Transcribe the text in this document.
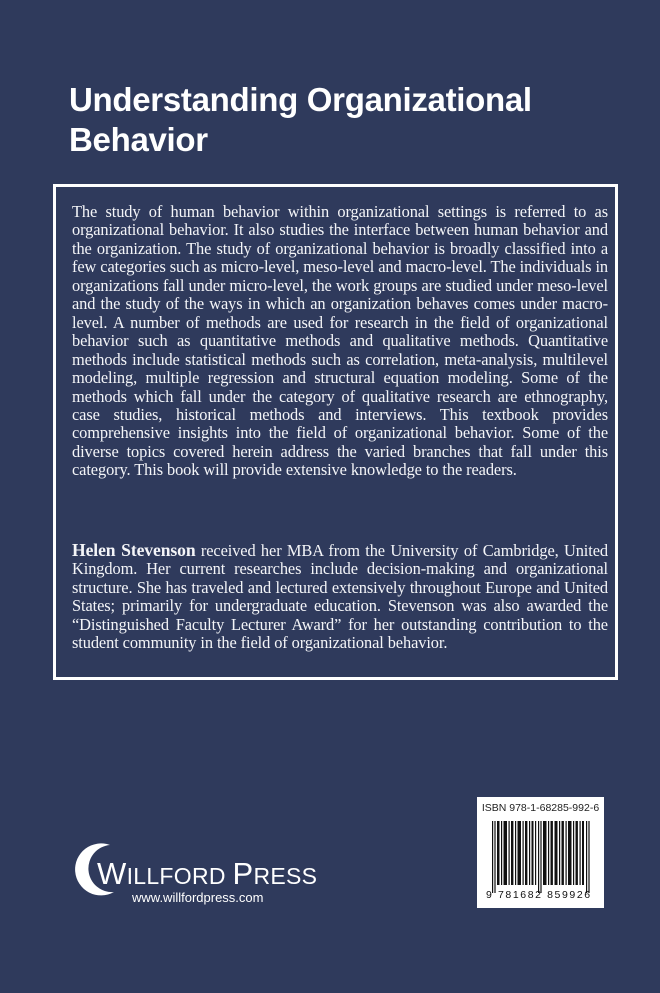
Understanding Organizational
Behavior

The study of human behavior within organizational settings is referred to as organizational behavior. It also studies the interface between human behavior and the organization. The study of organizational behavior is broadly classified into a few categories such as micro-level, meso-level and macro-level. The individuals in organizations fall under micro-level, the work groups are studied under meso-level and the study of the ways in which an organization behaves comes under macro-level. A number of methods are used for research in the field of organizational behavior such as quantitative methods and qualitative methods. Quantitative methods include statistical methods such as correlation, meta-analysis, multilevel modeling, multiple regression and structural equation modeling. Some of the methods which fall under the category of qualitative research are ethnography, case studies, historical methods and interviews. This textbook provides comprehensive insights into the field of organizational behavior. Some of the diverse topics covered herein address the varied branches that fall under this category. This book will provide extensive knowledge to the readers.

Helen Stevenson received her MBA from the University of Cambridge, United Kingdom. Her current researches include decision-making and organizational structure. She has traveled and lectured extensively throughout Europe and United States; primarily for undergraduate education. Stevenson was also awarded the “Distinguished Faculty Lecturer Award” for her outstanding contribution to the student community in the field of organizational behavior.

WILLFORD PRESS
www.willfordpress.com
ISBN 978-1-68285-992-6
9 781682 859926
